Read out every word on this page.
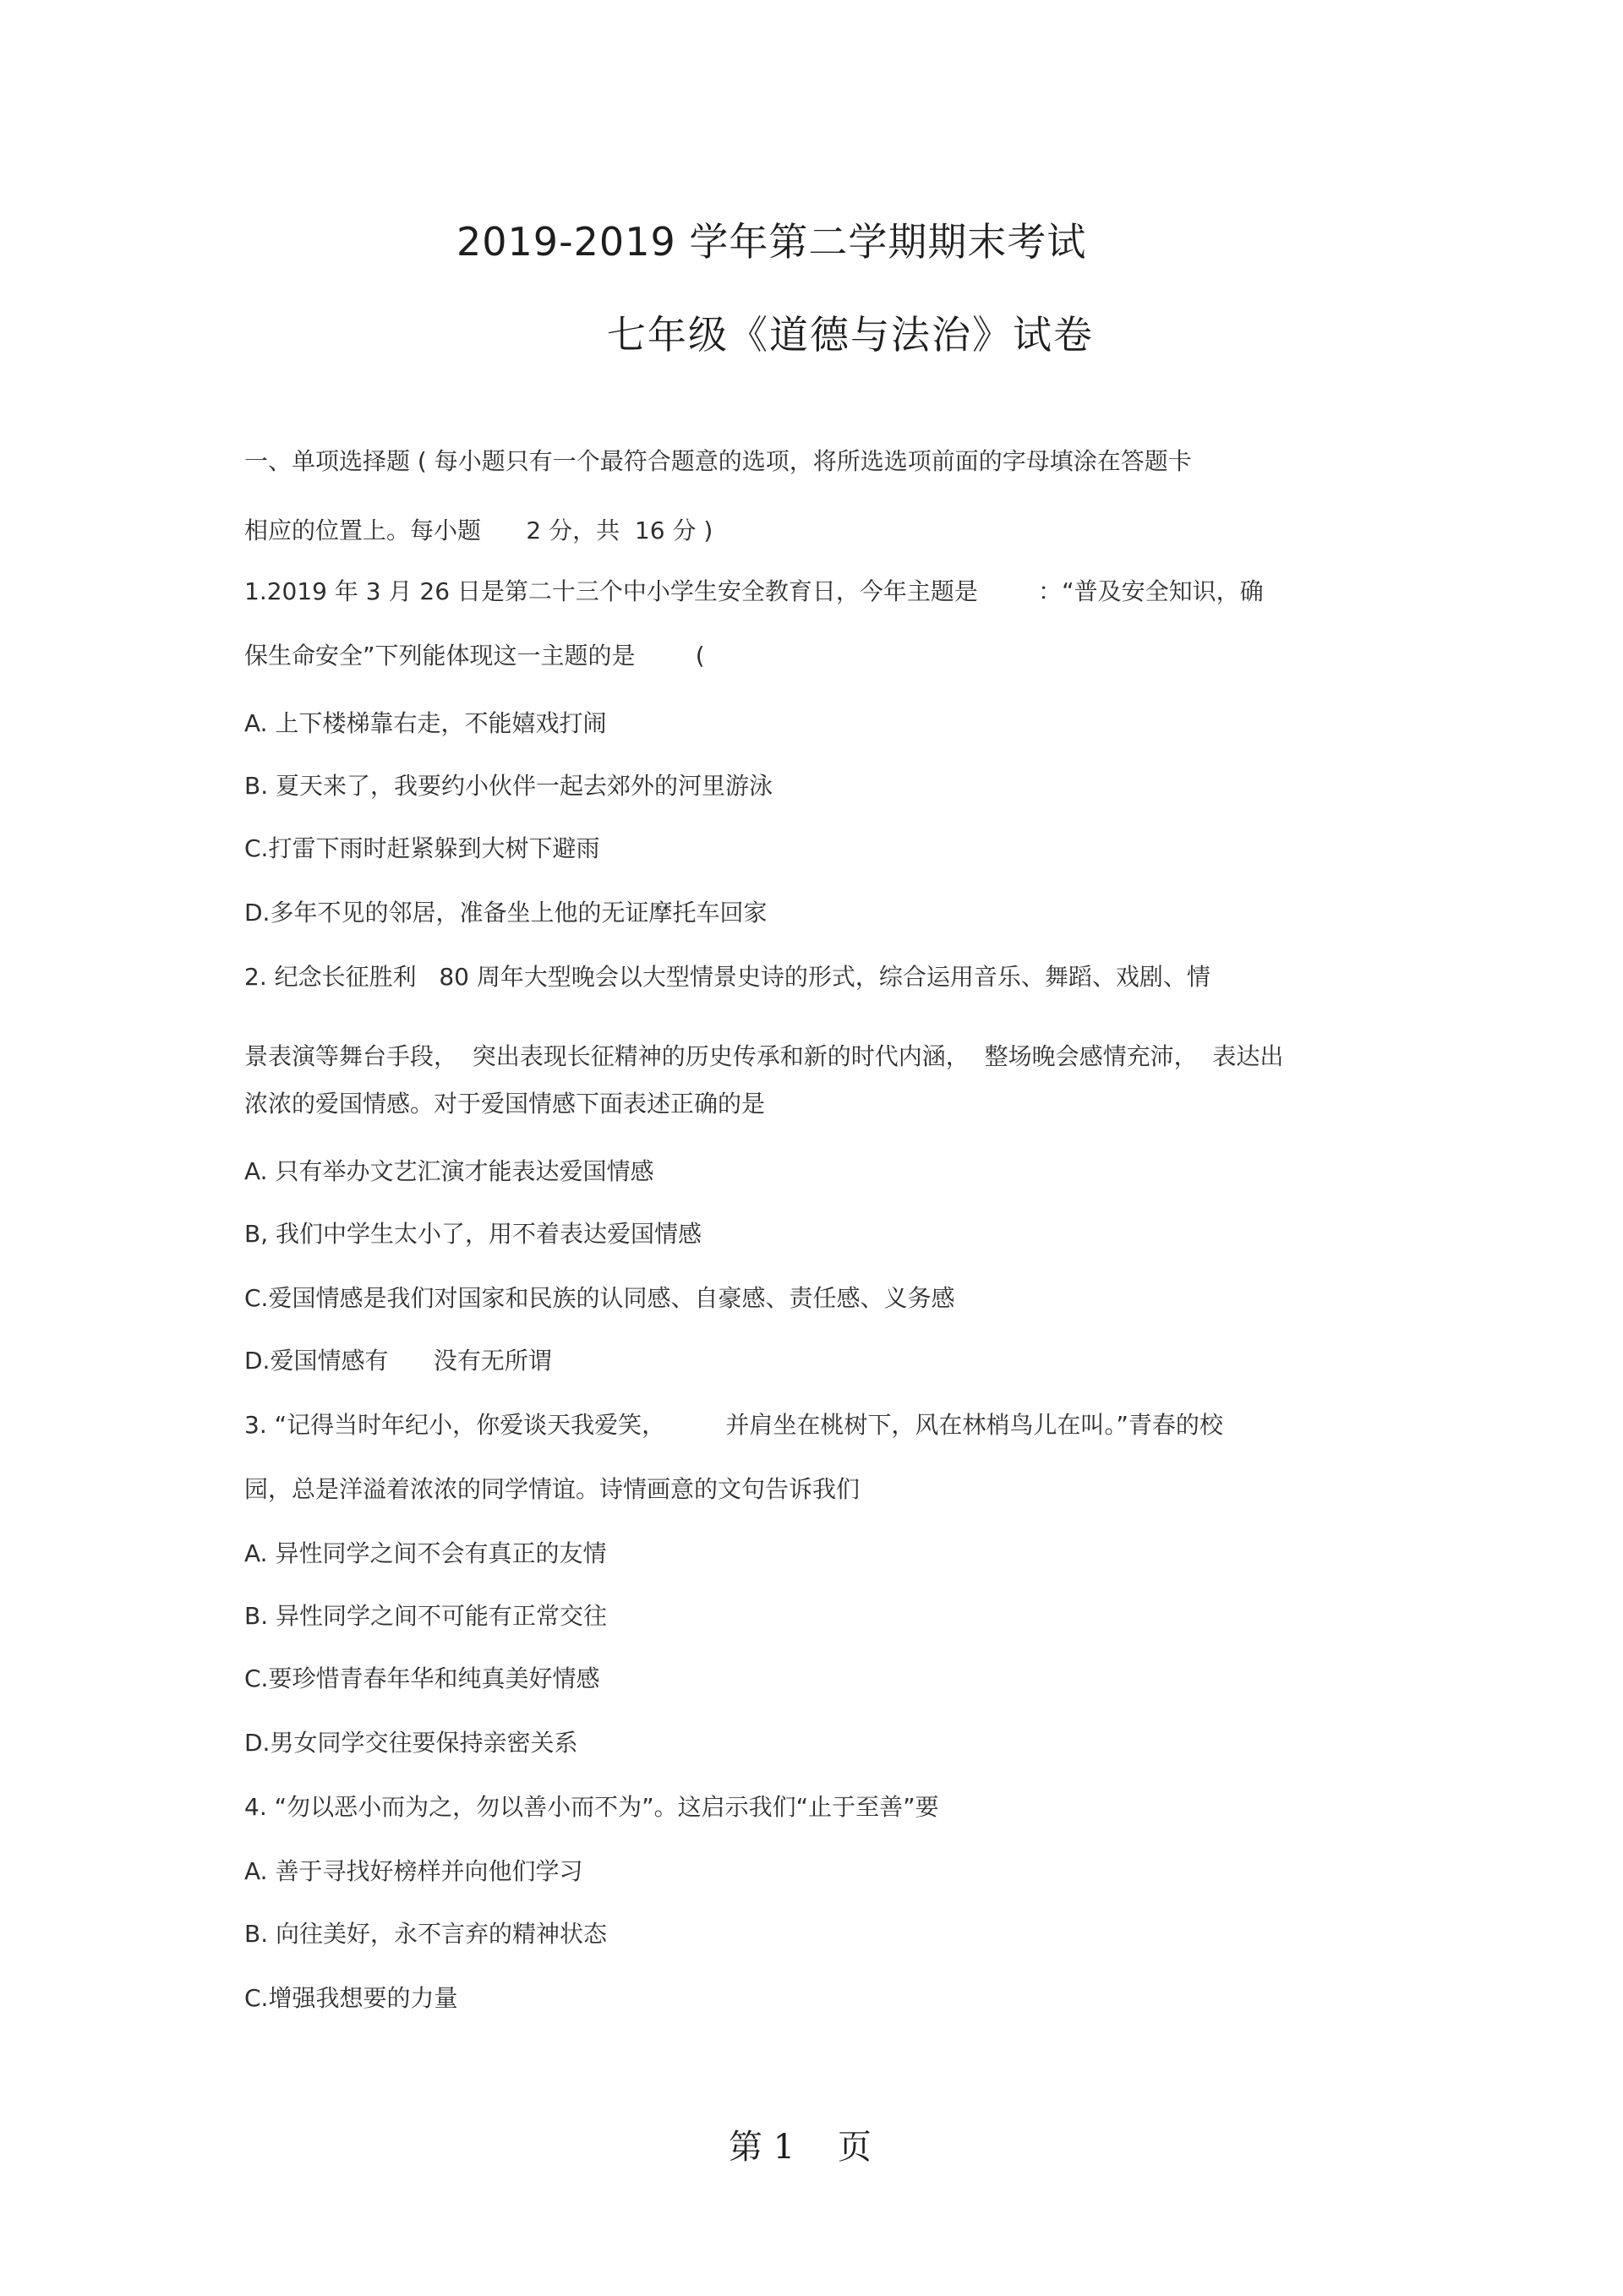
2019-2019 学年第二学期期末考试
七年级《道德与法治》试卷
一、单项选择题 ( 每小题只有一个最符合题意的选项，将所选选项前面的字母填涂在答题卡
相应的位置上。每小题      2 分，共  16 分 )
1.2019 年 3 月 26 日是第二十三个中小学生安全教育日，今年主题是        ：“普及安全知识，确
保生命安全”下列能体现这一主题的是        (
A. 上下楼梯靠右走，不能嬉戏打闹
B. 夏天来了，我要约小伙伴一起去郊外的河里游泳
C.打雷下雨时赶紧躲到大树下避雨
D.多年不见的邻居，准备坐上他的无证摩托车回家
2. 纪念长征胜利   80 周年大型晚会以大型情景史诗的形式，综合运用音乐、舞蹈、戏剧、情
景表演等舞台手段，  突出表现长征精神的历史传承和新的时代内涵，  整场晚会感情充沛，  表达出
浓浓的爱国情感。对于爱国情感下面表述正确的是
A. 只有举办文艺汇演才能表达爱国情感
B, 我们中学生太小了，用不着表达爱国情感
C.爱国情感是我们对国家和民族的认同感、自豪感、责任感、义务感
D.爱国情感有      没有无所谓
3. “记得当时年纪小，你爱谈天我爱笑，        并肩坐在桃树下，风在林梢鸟儿在叫。”青春的校
园，总是洋溢着浓浓的同学情谊。诗情画意的文句告诉我们
A. 异性同学之间不会有真正的友情
B. 异性同学之间不可能有正常交往
C.要珍惜青春年华和纯真美好情感
D.男女同学交往要保持亲密关系
4. “勿以恶小而为之，勿以善小而不为”。这启示我们“止于至善”要
A. 善于寻找好榜样并向他们学习
B. 向往美好，永不言弃的精神状态
C.增强我想要的力量
第 1    页
